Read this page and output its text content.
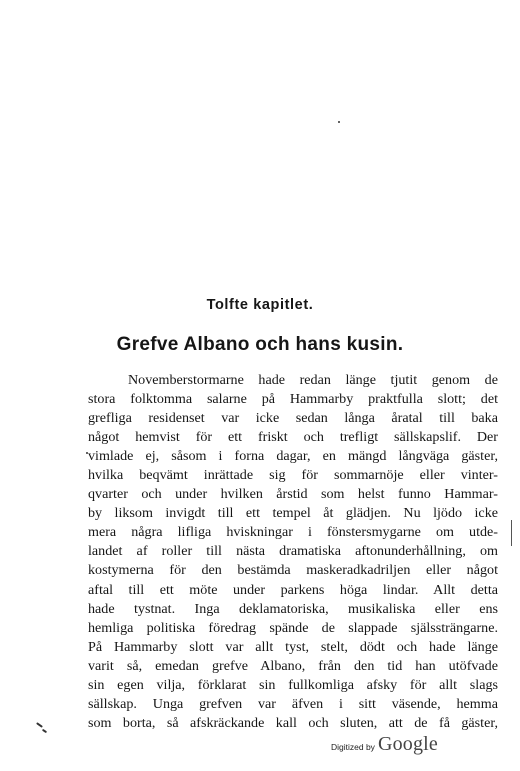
Tolfte kapitlet.
Grefve Albano och hans kusin.
Novemberstormarne hade redan länge tjutit genom de
stora folktomma salarne på Hammarby praktfulla slott; det
grefliga residenset var icke sedan långa åratal till baka
något hemvist för ett friskt och trefligt sällskapslif. Der
vimlade ej, såsom i forna dagar, en mängd långväga gäster,
hvilka beqvämt inrättade sig för sommarnöje eller vinter-
qvarter och under hvilken årstid som helst funno Hammar-
by liksom invigdt till ett tempel åt glädjen. Nu ljödo icke
mera några lifliga hviskningar i fönstersmygarne om utde-
landet af roller till nästa dramatiska aftonunderhållning, om
kostymerna för den bestämda maskeradkadriljen eller något
aftal till ett möte under parkens höga lindar. Allt detta
hade tystnat. Inga deklamatoriska, musikaliska eller ens
hemliga politiska föredrag spände de slappade själssträngarne.
På Hammarby slott var allt tyst, stelt, dödt och hade länge
varit så, emedan grefve Albano, från den tid han utöfvade
sin egen vilja, förklarat sin fullkomliga afsky för allt slags
sällskap. Unga grefven var äfven i sitt väsende, hemma
som borta, så afskräckande kall och sluten, att de få gäster,
Digitized by Google
